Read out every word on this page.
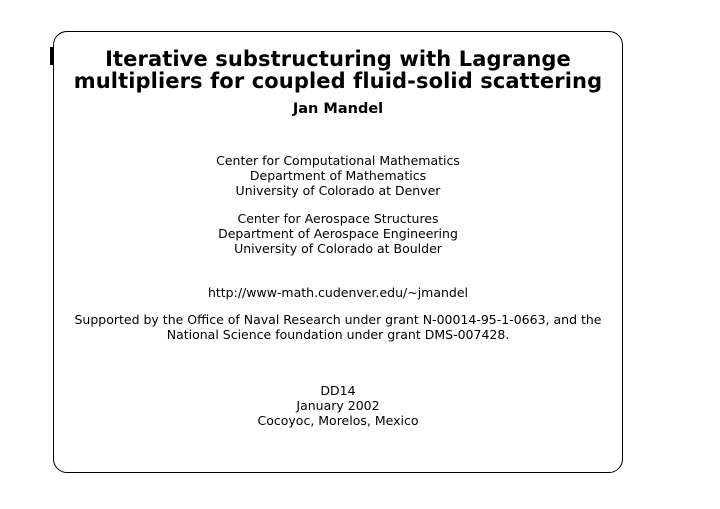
Iterative substructuring with Lagrange
multipliers for coupled fluid-solid scattering
Jan Mandel
Center for Computational Mathematics
Department of Mathematics
University of Colorado at Denver
Center for Aerospace Structures
Department of Aerospace Engineering
University of Colorado at Boulder
http://www-math.cudenver.edu/~jmandel
Supported by the Office of Naval Research under grant N-00014-95-1-0663, and the
National Science foundation under grant DMS-007428.
DD14
January 2002
Cocoyoc, Morelos, Mexico
